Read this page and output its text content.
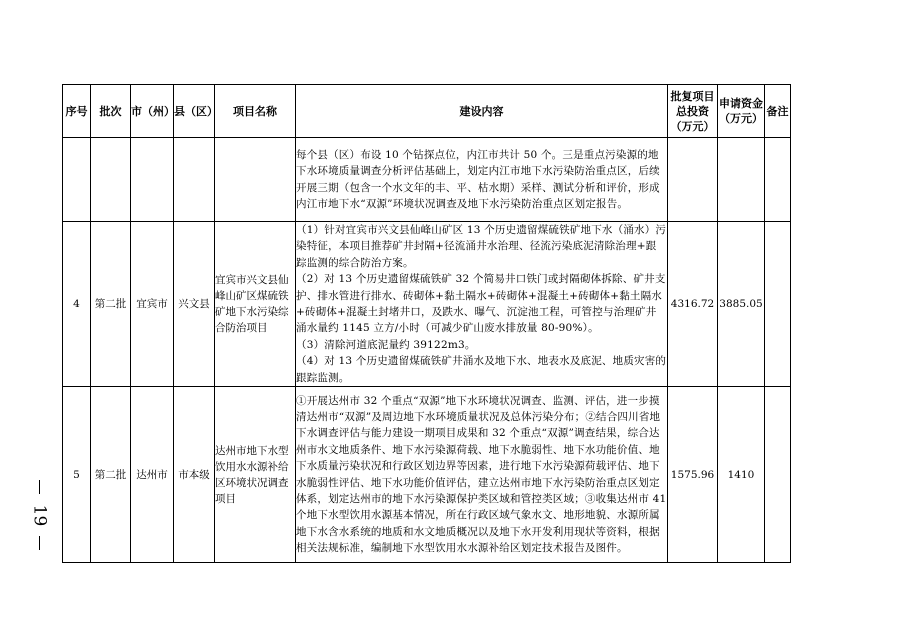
序号	批次	市（州）	县（区）	项目名称	建设内容	批复项目总投资（万元）	申请资金（万元）	备注
					每个县（区）布设 10 个钻探点位，内江市共计 50 个。三是重点污染源的地下水环境质量调查分析评估基础上，划定内江市地下水污染防治重点区，后续开展三期（包含一个水文年的丰、平、枯水期）采样、测试分析和评价，形成内江市地下水“双源”环境状况调查及地下水污染防治重点区划定报告。			
4	第二批	宜宾市	兴文县	宜宾市兴文县仙峰山矿区煤硫铁矿地下水污染综合防治项目	（1）针对宜宾市兴文县仙峰山矿区 13 个历史遗留煤硫铁矿地下水（涌水）污染特征，本项目推荐矿井封隔+径流涌井水治理、径流污染底泥清除治理+跟踪监测的综合防治方案。
（2）对 13 个历史遗留煤硫铁矿 32 个简易井口铁门或封隔砌体拆除、矿井支护、排水管进行排水、砖砌体+黏土隔水+砖砌体+混凝土+砖砌体+黏土隔水+砖砌体+混凝土封堵井口，及跌水、曝气、沉淀池工程，可管控与治理矿井涌水量约 1145 立方/小时（可减少矿山废水排放量 80-90%）。
（3）清除河道底泥量约 39122m3。
（4）对 13 个历史遗留煤硫铁矿井涌水及地下水、地表水及底泥、地质灾害的跟踪监测。	4316.72	3885.05	
5	第二批	达州市	市本级	达州市地下水型饮用水水源补给区环境状况调查项目	①开展达州市 32 个重点“双源”地下水环境状况调查、监测、评估，进一步摸清达州市“双源”及周边地下水环境质量状况及总体污染分布；②结合四川省地下水调查评估与能力建设一期项目成果和 32 个重点“双源”调查结果，综合达州市水文地质条件、地下水污染源荷载、地下水脆弱性、地下水功能价值、地下水质量污染状况和行政区划边界等因素，进行地下水污染源荷载评估、地下水脆弱性评估、地下水功能价值评估，建立达州市地下水污染防治重点区划定体系，划定达州市的地下水污染源保护类区域和管控类区域；③收集达州市 41 个地下水型饮用水源基本情况，所在行政区域气象水文、地形地貌、水源所属地下水含水系统的地质和水文地质概况以及地下水开发利用现状等资料，根据相关法规标准，编制地下水型饮用水水源补给区划定技术报告及图件。	1575.96	1410	
19
